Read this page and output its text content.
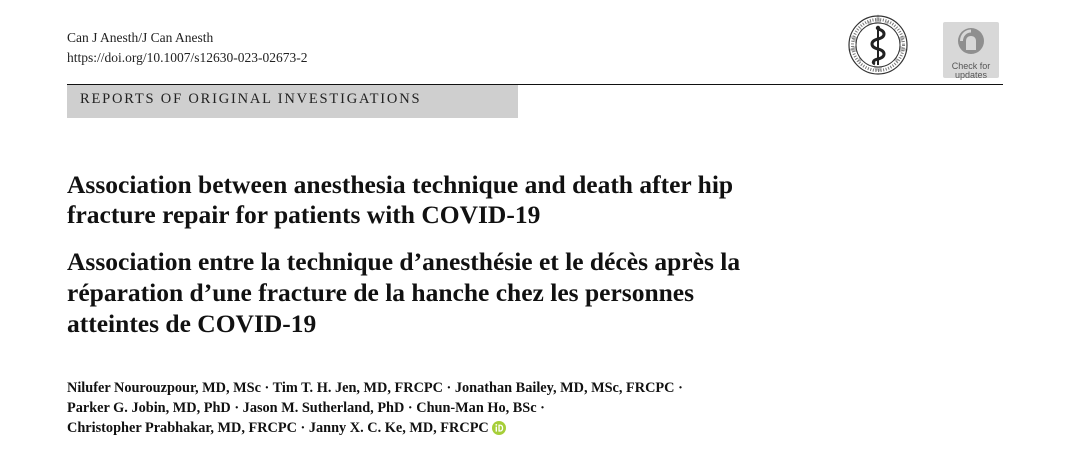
Can J Anesth/J Can Anesth
https://doi.org/10.1007/s12630-023-02673-2
Check for
updates
REPORTS OF ORIGINAL INVESTIGATIONS
Association between anesthesia technique and death after hip
fracture repair for patients with COVID-19
Association entre la technique d’anesthésie et le décès après la
réparation d’une fracture de la hanche chez les personnes
atteintes de COVID-19
Nilufer Nourouzpour, MD, MSc · Tim T. H. Jen, MD, FRCPC · Jonathan Bailey, MD, MSc, FRCPC ·
Parker G. Jobin, MD, PhD · Jason M. Sutherland, PhD · Chun-Man Ho, BSc ·
Christopher Prabhakar, MD, FRCPC · Janny X. C. Ke, MD, FRCPC
